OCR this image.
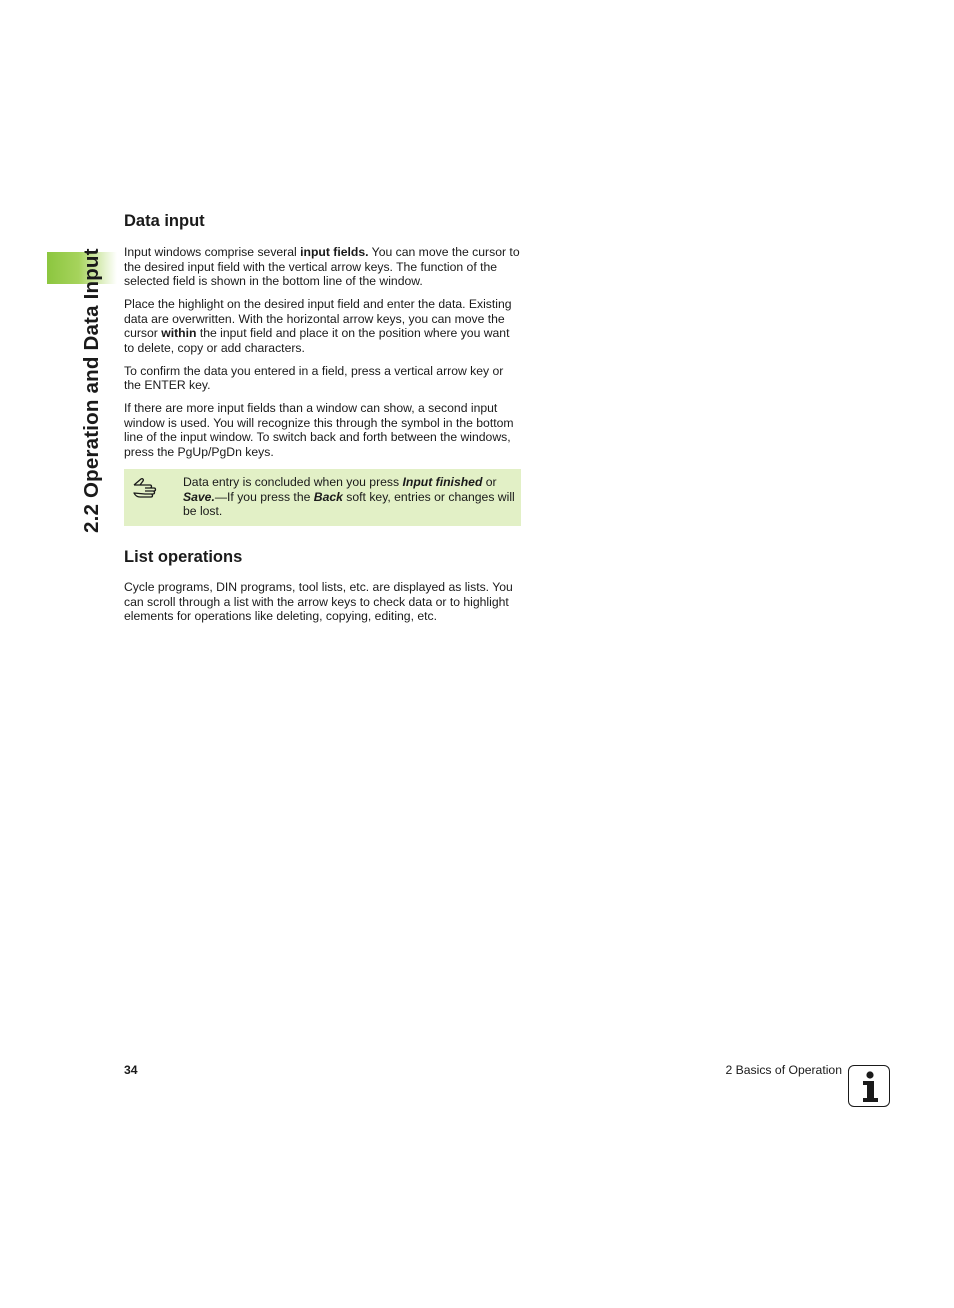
2.2 Operation and Data Input
Data input

Input windows comprise several input fields. You can move the cursor to the desired input field with the vertical arrow keys. The function of the selected field is shown in the bottom line of the window.

Place the highlight on the desired input field and enter the data. Existing data are overwritten. With the horizontal arrow keys, you can move the cursor within the input field and place it on the position where you want to delete, copy or add characters.

To confirm the data you entered in a field, press a vertical arrow key or the ENTER key.

If there are more input fields than a window can show, a second input window is used. You will recognize this through the symbol in the bottom line of the input window. To switch back and forth between the windows, press the PgUp/PgDn keys.

Data entry is concluded when you press Input finished or Save.—If you press the Back soft key, entries or changes will be lost.

List operations

Cycle programs, DIN programs, tool lists, etc. are displayed as lists. You can scroll through a list with the arrow keys to check data or to highlight elements for operations like deleting, copying, editing, etc.

34	2 Basics of Operation
